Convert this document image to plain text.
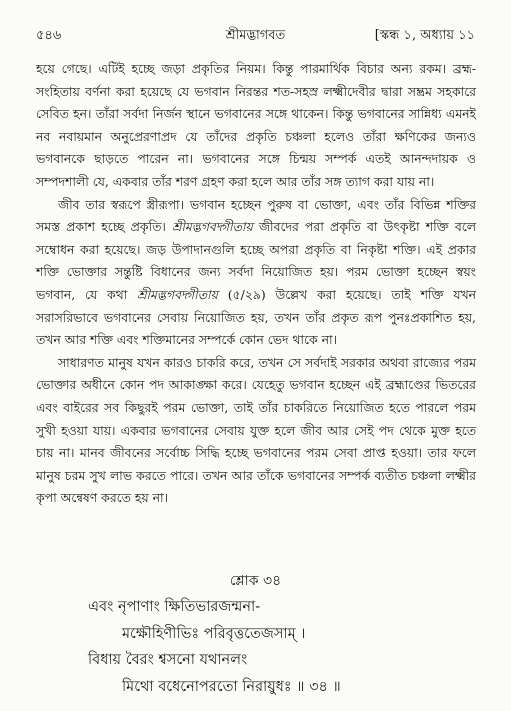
৫৪৬	শ্রীমদ্ভাগবত	[স্কন্ধ ১, অধ্যায় ১১

হয়ে গেছে। এটিই হচ্ছে জড়া প্রকৃতির নিয়ম। কিন্তু পারমার্থিক বিচার অন্য রকম। ব্রহ্ম-সংহিতায় বর্ণনা করা হয়েছে যে ভগবান নিরন্তর শত-সহস্র লক্ষ্মীদেবীর দ্বারা সম্ভ্রম সহকারে সেবিত হন। তাঁরা সর্বদা নির্জন স্থানে ভগবানের সঙ্গে থাকেন। কিন্তু ভগবানের সান্নিধ্য এমনই নব নবায়মান অনুপ্রেরণাপ্রদ যে তাঁদের প্রকৃতি চঞ্চলা হলেও তাঁরা ক্ষণিকের জন্যও ভগবানকে ছাড়তে পারেন না। ভগবানের সঙ্গে চিন্ময় সম্পর্ক এতই আনন্দদায়ক ও সম্পদশালী যে, একবার তাঁর শরণ গ্রহণ করা হলে আর তাঁর সঙ্গ ত্যাগ করা যায় না।

জীব তার স্বরূপে স্ত্রীরূপা। ভগবান হচ্ছেন পুরুষ বা ভোক্তা, এবং তাঁর বিভিন্ন শক্তির সমস্ত প্রকাশ হচ্ছে প্রকৃতি। শ্রীমদ্ভগবদ্গীতায় জীবদের পরা প্রকৃতি বা উৎকৃষ্টা শক্তি বলে সম্বোধন করা হয়েছে। জড় উপাদানগুলি হচ্ছে অপরা প্রকৃতি বা নিকৃষ্টা শক্তি। এই প্রকার শক্তি ভোক্তার সন্তুষ্টি বিধানের জন্য সর্বদা নিয়োজিত হয়। পরম ভোক্তা হচ্ছেন স্বয়ং ভগবান, যে কথা শ্রীমদ্ভগবদ্গীতায় (৫/২৯) উল্লেখ করা হয়েছে। তাই শক্তি যখন সরাসরিভাবে ভগবানের সেবায় নিয়োজিত হয়, তখন তাঁর প্রকৃত রূপ পুনঃপ্রকাশিত হয়, তখন আর শক্তি এবং শক্তিমানের সম্পর্কে কোন ভেদ থাকে না।

সাধারণত মানুষ যখন কারও চাকরি করে, তখন সে সর্বদাই সরকার অথবা রাজ্যের পরম ভোক্তার অধীনে কোন পদ আকাঙ্ক্ষা করে। যেহেতু ভগবান হচ্ছেন এই ব্রহ্মাণ্ডের ভিতরের এবং বাইরের সব কিছুরই পরম ভোক্তা, তাই তাঁর চাকরিতে নিয়োজিত হতে পারলে পরম সুখী হওয়া যায়। একবার ভগবানের সেবায় যুক্ত হলে জীব আর সেই পদ থেকে মুক্ত হতে চায় না। মানব জীবনের সর্বোচ্চ সিদ্ধি হচ্ছে ভগবানের পরম সেবা প্রাপ্ত হওয়া। তার ফলে মানুষ চরম সুখ লাভ করতে পারে। তখন আর তাঁকে ভগবানের সম্পর্ক ব্যতীত চঞ্চলা লক্ষ্মীর কৃপা অন্বেষণ করতে হয় না।

শ্লোক ৩৪
এবং নৃপাণাং ক্ষিতিভারজন্মনা-
মক্ষৌহিণীভিঃ পরিবৃত্ততেজসাম্ ।
বিধায় বৈরং শ্বসনো যথানলং
মিথো বধেনোপরতো নিরায়ুধঃ ॥ ৩৪ ॥
